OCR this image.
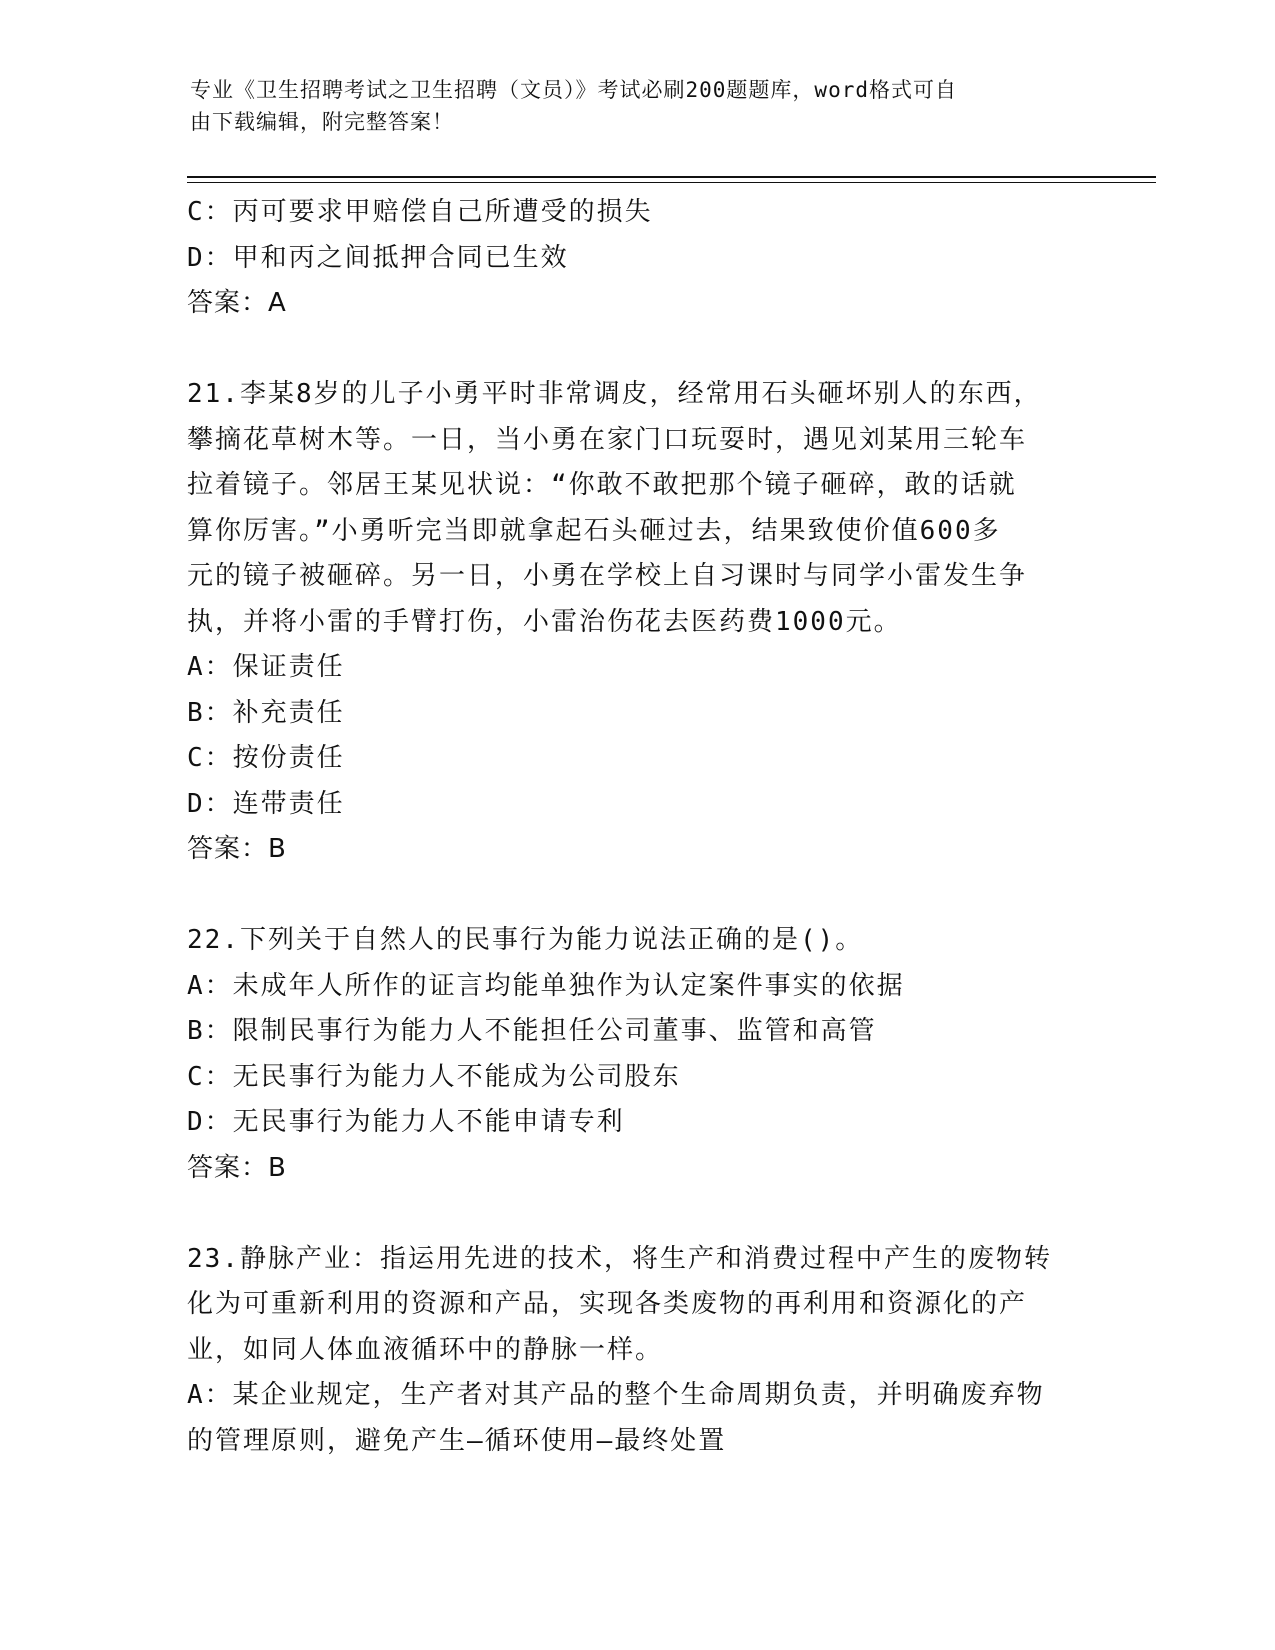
专业《卫生招聘考试之卫生招聘（文员）》考试必刷200题题库，word格式可自
由下载编辑，附完整答案！
C：丙可要求甲赔偿自己所遭受的损失
D：甲和丙之间抵押合同已生效
答案：A
21.李某8岁的儿子小勇平时非常调皮，经常用石头砸坏别人的东西，
攀摘花草树木等。一日，当小勇在家门口玩耍时，遇见刘某用三轮车
拉着镜子。邻居王某见状说：“你敢不敢把那个镜子砸碎，敢的话就
算你厉害。”小勇听完当即就拿起石头砸过去，结果致使价值600多
元的镜子被砸碎。另一日，小勇在学校上自习课时与同学小雷发生争
执，并将小雷的手臂打伤，小雷治伤花去医药费1000元。
A：保证责任
B：补充责任
C：按份责任
D：连带责任
答案：B
22.下列关于自然人的民事行为能力说法正确的是()。
A：未成年人所作的证言均能单独作为认定案件事实的依据
B：限制民事行为能力人不能担任公司董事、监管和高管
C：无民事行为能力人不能成为公司股东
D：无民事行为能力人不能申请专利
答案：B
23.静脉产业：指运用先进的技术，将生产和消费过程中产生的废物转
化为可重新利用的资源和产品，实现各类废物的再利用和资源化的产
业，如同人体血液循环中的静脉一样。
A：某企业规定，生产者对其产品的整个生命周期负责，并明确废弃物
的管理原则，避免产生—循环使用—最终处置
